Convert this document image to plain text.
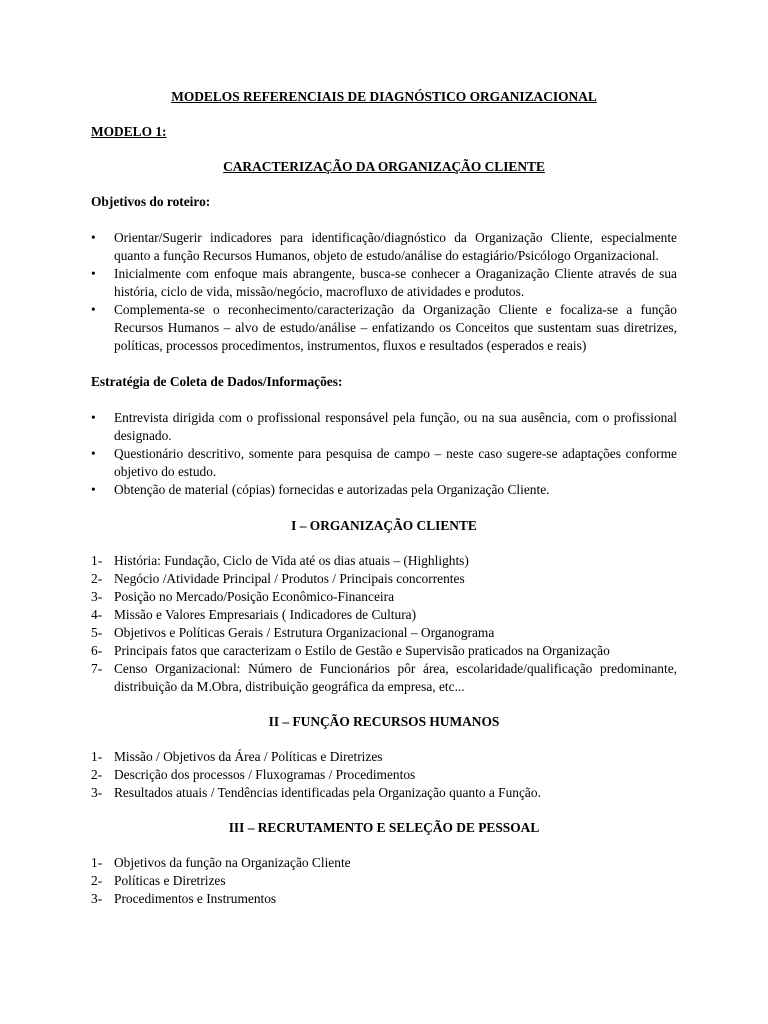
MODELOS REFERENCIAIS DE DIAGNÓSTICO ORGANIZACIONAL

MODELO 1:

CARACTERIZAÇÃO DA ORGANIZAÇÃO CLIENTE

Objetivos do roteiro:

• Orientar/Sugerir indicadores para identificação/diagnóstico da Organização Cliente, especialmente quanto a função Recursos Humanos, objeto de estudo/análise do estagiário/Psicólogo Organizacional.
• Inicialmente com enfoque mais abrangente, busca-se conhecer a Oraganização Cliente através de sua história, ciclo de vida, missão/negócio, macrofluxo de atividades e produtos.
• Complementa-se o reconhecimento/caracterização da Organização Cliente e focaliza-se a função Recursos Humanos – alvo de estudo/análise – enfatizando os Conceitos que sustentam suas diretrizes, políticas, processos procedimentos, instrumentos, fluxos e resultados (esperados e reais)

Estratégia de Coleta de Dados/Informações:

• Entrevista dirigida com o profissional responsável pela função, ou na sua ausência, com o profissional designado.
• Questionário descritivo, somente para pesquisa de campo – neste caso sugere-se adaptações conforme objetivo do estudo.
• Obtenção de material (cópias) fornecidas e autorizadas pela Organização Cliente.

I – ORGANIZAÇÃO CLIENTE

1- História: Fundação, Ciclo de Vida até os dias atuais – (Highlights)
2- Negócio /Atividade Principal / Produtos / Principais concorrentes
3- Posição no Mercado/Posição Econômico-Financeira
4- Missão e Valores Empresariais ( Indicadores de Cultura)
5- Objetivos e Políticas Gerais / Estrutura Organizacional – Organograma
6- Principais fatos que caracterizam o Estilo de Gestão e Supervisão praticados na Organização
7- Censo Organizacional: Número de Funcionários pôr área, escolaridade/qualificação predominante, distribuição da M.Obra, distribuição geográfica da empresa, etc...

II – FUNÇÃO RECURSOS HUMANOS

1- Missão / Objetivos da Área / Políticas e Diretrizes
2- Descrição dos processos / Fluxogramas / Procedimentos
3- Resultados atuais / Tendências identificadas pela Organização quanto a Função.

III – RECRUTAMENTO E SELEÇÃO DE PESSOAL

1- Objetivos da função na Organização Cliente
2- Políticas e Diretrizes
3- Procedimentos e Instrumentos
